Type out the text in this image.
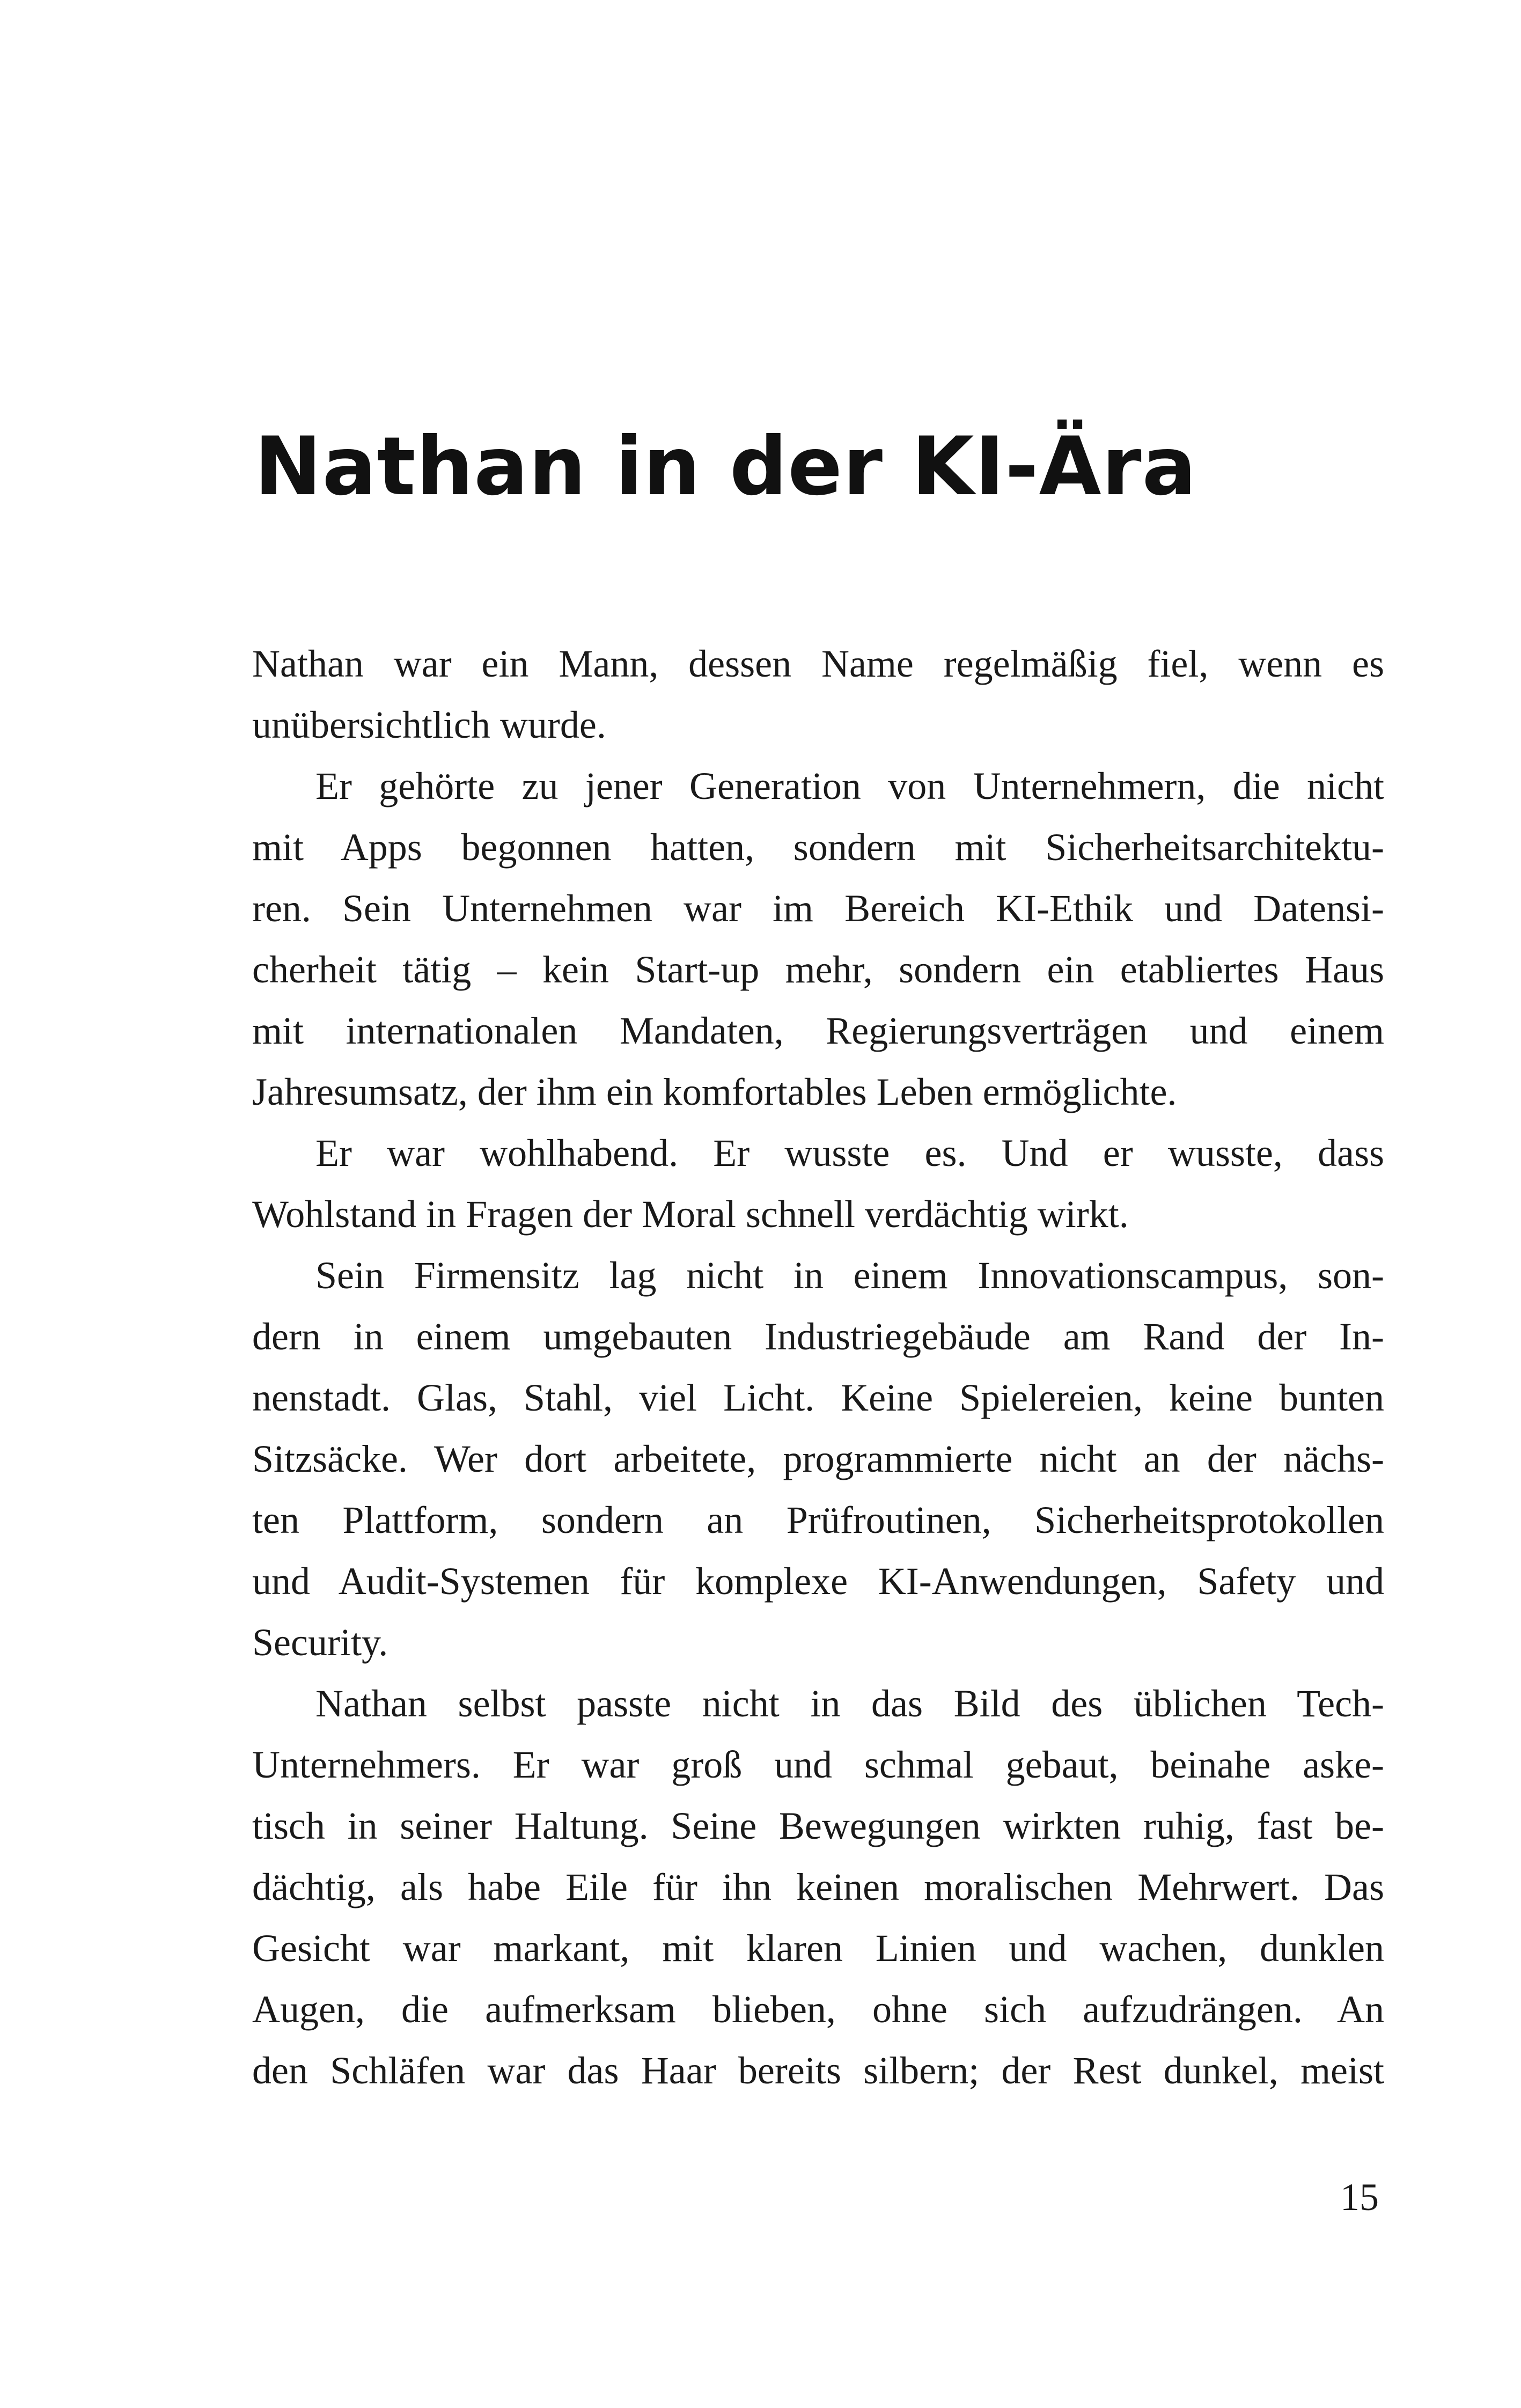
Nathan in der KI-Ära
Nathan war ein Mann, dessen Name regelmäßig fiel, wenn es
unübersichtlich wurde.
Er gehörte zu jener Generation von Unternehmern, die nicht
mit Apps begonnen hatten, sondern mit Sicherheitsarchitektu-
ren. Sein Unternehmen war im Bereich KI-Ethik und Datensi-
cherheit tätig – kein Start-up mehr, sondern ein etabliertes Haus
mit internationalen Mandaten, Regierungsverträgen und einem
Jahresumsatz, der ihm ein komfortables Leben ermöglichte.
Er war wohlhabend. Er wusste es. Und er wusste, dass
Wohlstand in Fragen der Moral schnell verdächtig wirkt.
Sein Firmensitz lag nicht in einem Innovationscampus, son-
dern in einem umgebauten Industriegebäude am Rand der In-
nenstadt. Glas, Stahl, viel Licht. Keine Spielereien, keine bunten
Sitzsäcke. Wer dort arbeitete, programmierte nicht an der nächs-
ten Plattform, sondern an Prüfroutinen, Sicherheitsprotokollen
und Audit-Systemen für komplexe KI-Anwendungen, Safety und
Security.
Nathan selbst passte nicht in das Bild des üblichen Tech-
Unternehmers. Er war groß und schmal gebaut, beinahe aske-
tisch in seiner Haltung. Seine Bewegungen wirkten ruhig, fast be-
dächtig, als habe Eile für ihn keinen moralischen Mehrwert. Das
Gesicht war markant, mit klaren Linien und wachen, dunklen
Augen, die aufmerksam blieben, ohne sich aufzudrängen. An
den Schläfen war das Haar bereits silbern; der Rest dunkel, meist
15
